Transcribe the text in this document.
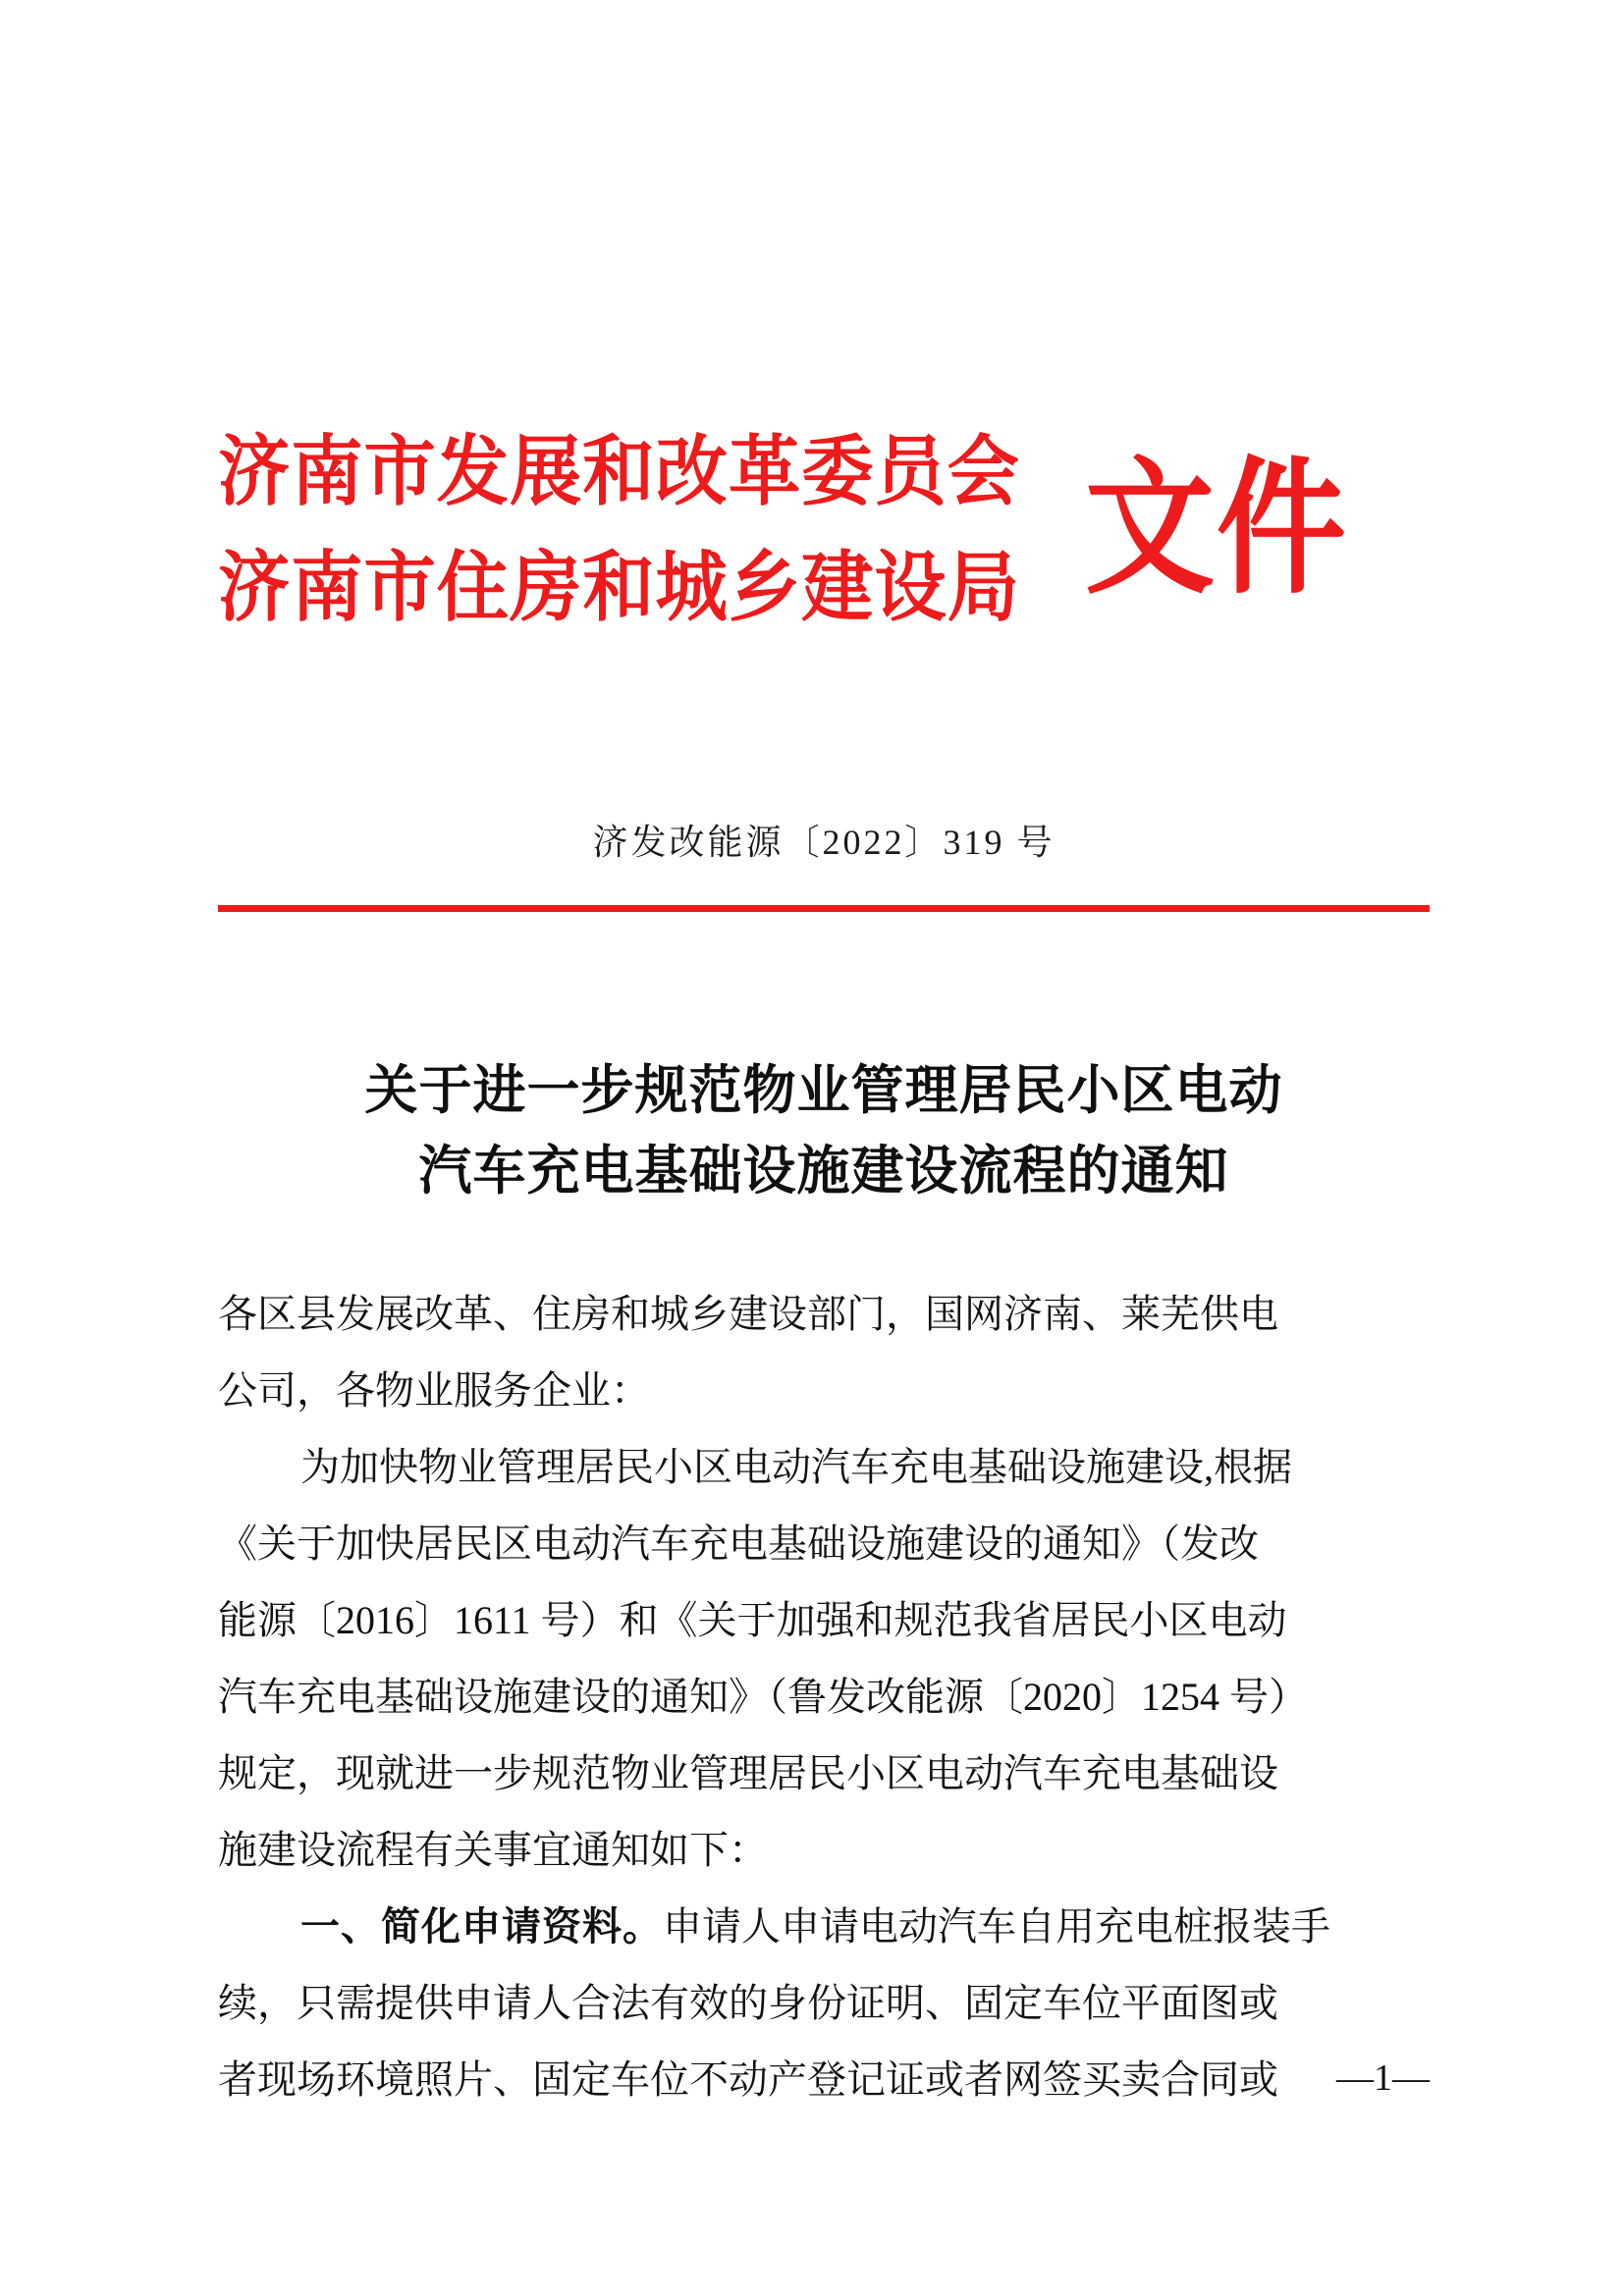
济南市发展和改革委员会
济南市住房和城乡建设局 文件
济发改能源〔2022〕319 号
关于进一步规范物业管理居民小区电动
汽车充电基础设施建设流程的通知
各区县发展改革、住房和城乡建设部门，国网济南、莱芜供电
公司，各物业服务企业：
为加快物业管理居民小区电动汽车充电基础设施建设,根据
《关于加快居民区电动汽车充电基础设施建设的通知》（发改
能源〔2016〕1611 号）和《关于加强和规范我省居民小区电动
汽车充电基础设施建设的通知》（鲁发改能源〔2020〕1254 号）
规定，现就进一步规范物业管理居民小区电动汽车充电基础设
施建设流程有关事宜通知如下：
一、简化申请资料。申请人申请电动汽车自用充电桩报装手
续，只需提供申请人合法有效的身份证明、固定车位平面图或
者现场环境照片、固定车位不动产登记证或者网签买卖合同或	—1—
